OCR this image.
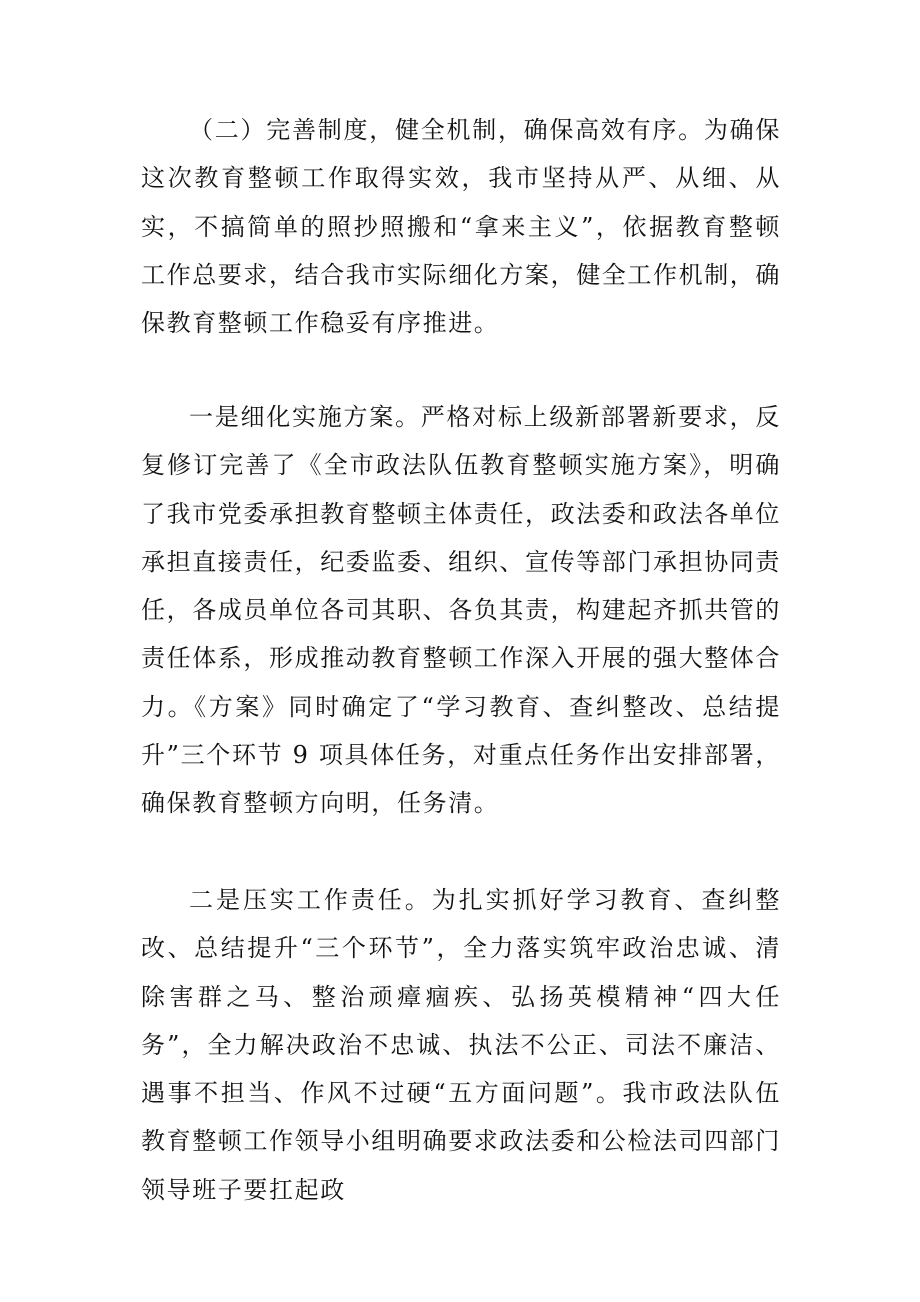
（二）完善制度，健全机制，确保高效有序。为确保这次教育整顿工作取得实效，我市坚持从严、从细、从实，不搞简单的照抄照搬和“拿来主义”，依据教育整顿工作总要求，结合我市实际细化方案，健全工作机制，确保教育整顿工作稳妥有序推进。

一是细化实施方案。严格对标上级新部署新要求，反复修订完善了《全市政法队伍教育整顿实施方案》，明确了我市党委承担教育整顿主体责任，政法委和政法各单位承担直接责任，纪委监委、组织、宣传等部门承担协同责任，各成员单位各司其职、各负其责，构建起齐抓共管的责任体系，形成推动教育整顿工作深入开展的强大整体合力。《方案》同时确定了“学习教育、查纠整改、总结提升”三个环节 9 项具体任务，对重点任务作出安排部署，确保教育整顿方向明，任务清。

二是压实工作责任。为扎实抓好学习教育、查纠整改、总结提升“三个环节”，全力落实筑牢政治忠诚、清除害群之马、整治顽瘴痼疾、弘扬英模精神“四大任务”，全力解决政治不忠诚、执法不公正、司法不廉洁、遇事不担当、作风不过硬“五方面问题”。我市政法队伍教育整顿工作领导小组明确要求政法委和公检法司四部门领导班子要扛起政
